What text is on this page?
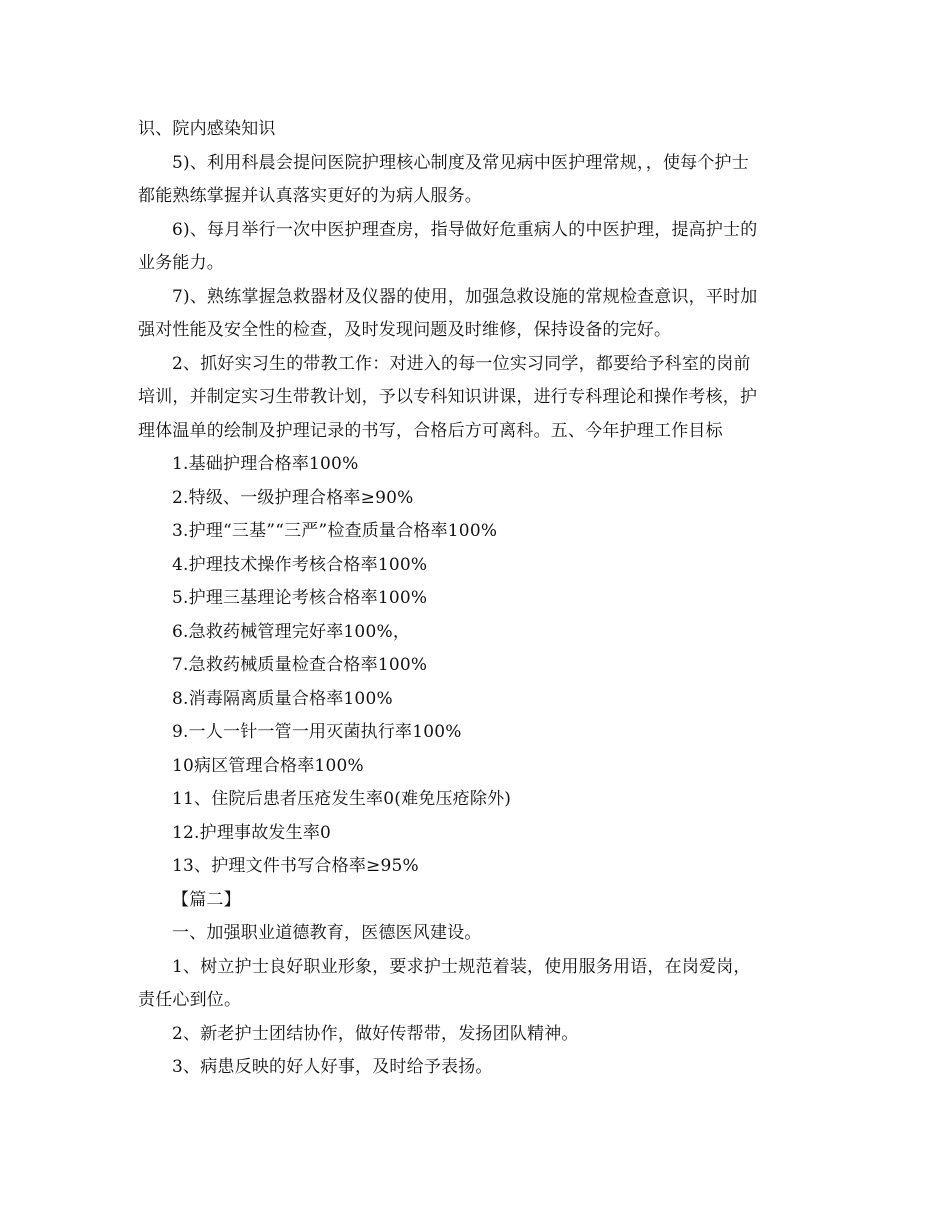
识、院内感染知识
5)、利用科晨会提问医院护理核心制度及常见病中医护理常规，，使每个护士
都能熟练掌握并认真落实更好的为病人服务。
6)、每月举行一次中医护理查房，指导做好危重病人的中医护理，提高护士的
业务能力。
7)、熟练掌握急救器材及仪器的使用，加强急救设施的常规检查意识，平时加
强对性能及安全性的检查，及时发现问题及时维修，保持设备的完好。
2、抓好实习生的带教工作：对进入的每一位实习同学，都要给予科室的岗前
培训，并制定实习生带教计划，予以专科知识讲课，进行专科理论和操作考核，护
理体温单的绘制及护理记录的书写，合格后方可离科。五、今年护理工作目标
1.基础护理合格率100%
2.特级、一级护理合格率≥90%
3.护理“三基”“三严”检查质量合格率100%
4.护理技术操作考核合格率100%
5.护理三基理论考核合格率100%
6.急救药械管理完好率100%，
7.急救药械质量检查合格率100%
8.消毒隔离质量合格率100%
9.一人一针一管一用灭菌执行率100%
10病区管理合格率100%
11、住院后患者压疮发生率0(难免压疮除外)
12.护理事故发生率0
13、护理文件书写合格率≥95%
【篇二】
一、加强职业道德教育，医德医风建设。
1、树立护士良好职业形象，要求护士规范着装，使用服务用语，在岗爱岗，
责任心到位。
2、新老护士团结协作，做好传帮带，发扬团队精神。
3、病患反映的好人好事，及时给予表扬。
